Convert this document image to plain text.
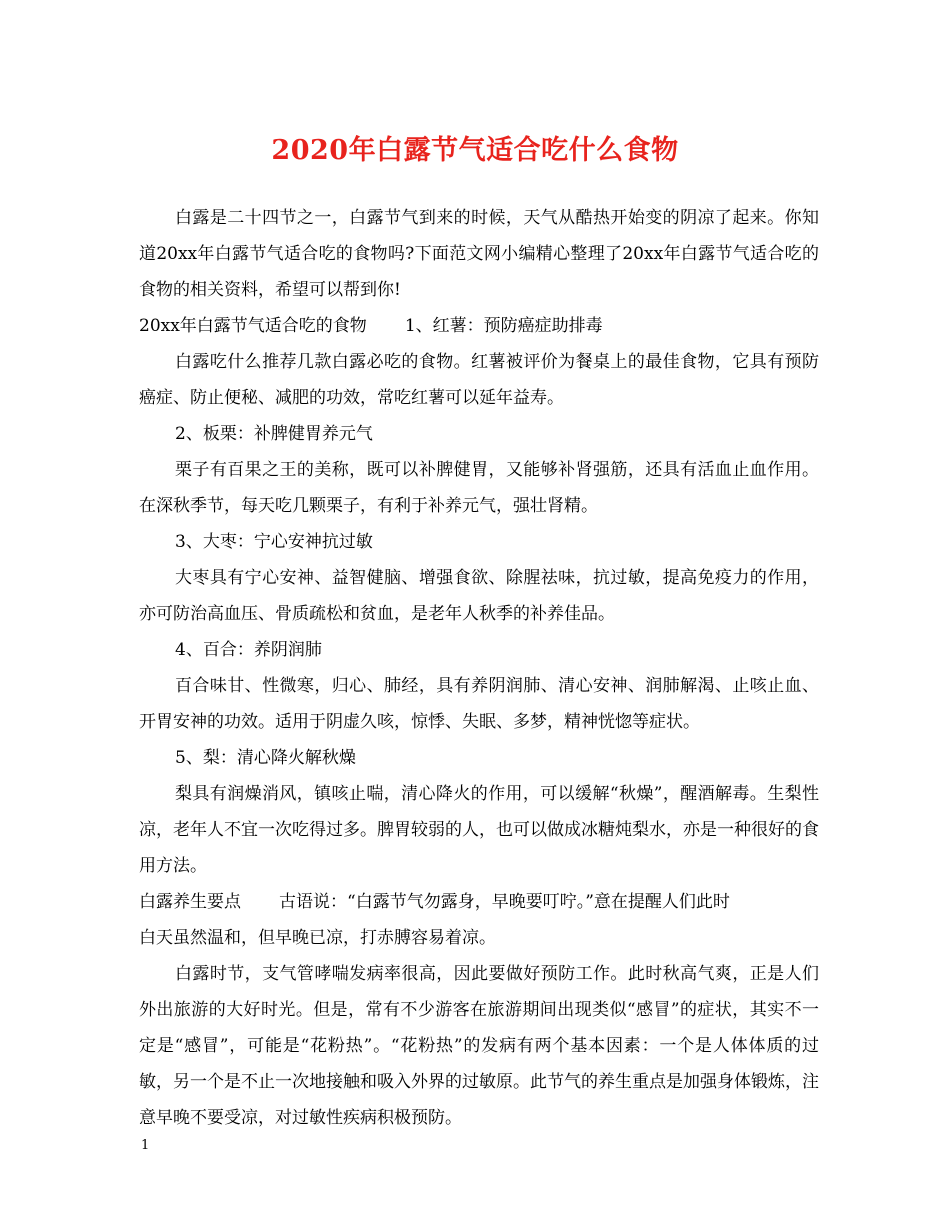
2020年白露节气适合吃什么食物

白露是二十四节之一，白露节气到来的时候，天气从酷热开始变的阴凉了起来。你知道20xx年白露节气适合吃的食物吗?下面范文网小编精心整理了20xx年白露节气适合吃的食物的相关资料，希望可以帮到你!

20xx年白露节气适合吃的食物 1、红薯：预防癌症助排毒

白露吃什么推荐几款白露必吃的食物。红薯被评价为餐桌上的最佳食物，它具有预防癌症、防止便秘、减肥的功效，常吃红薯可以延年益寿。

2、板栗：补脾健胃养元气

栗子有百果之王的美称，既可以补脾健胃，又能够补肾强筋，还具有活血止血作用。在深秋季节，每天吃几颗栗子，有利于补养元气，强壮肾精。

3、大枣：宁心安神抗过敏

大枣具有宁心安神、益智健脑、增强食欲、除腥祛味，抗过敏，提高免疫力的作用，亦可防治高血压、骨质疏松和贫血，是老年人秋季的补养佳品。

4、百合：养阴润肺

百合味甘、性微寒，归心、肺经，具有养阴润肺、清心安神、润肺解渴、止咳止血、开胃安神的功效。适用于阴虚久咳，惊悸、失眠、多梦，精神恍惚等症状。

5、梨：清心降火解秋燥

梨具有润燥消风，镇咳止喘，清心降火的作用，可以缓解“秋燥”，醒酒解毒。生梨性凉，老年人不宜一次吃得过多。脾胃较弱的人，也可以做成冰糖炖梨水，亦是一种很好的食用方法。

白露养生要点 古语说：“白露节气勿露身，早晚要叮咛。”意在提醒人们此时

白天虽然温和，但早晚已凉，打赤膊容易着凉。

白露时节，支气管哮喘发病率很高，因此要做好预防工作。此时秋高气爽，正是人们外出旅游的大好时光。但是，常有不少游客在旅游期间出现类似“感冒”的症状，其实不一定是“感冒”，可能是“花粉热”。“花粉热”的发病有两个基本因素：一个是人体体质的过敏，另一个是不止一次地接触和吸入外界的过敏原。此节气的养生重点是加强身体锻炼，注意早晚不要受凉，对过敏性疾病积极预防。

1
